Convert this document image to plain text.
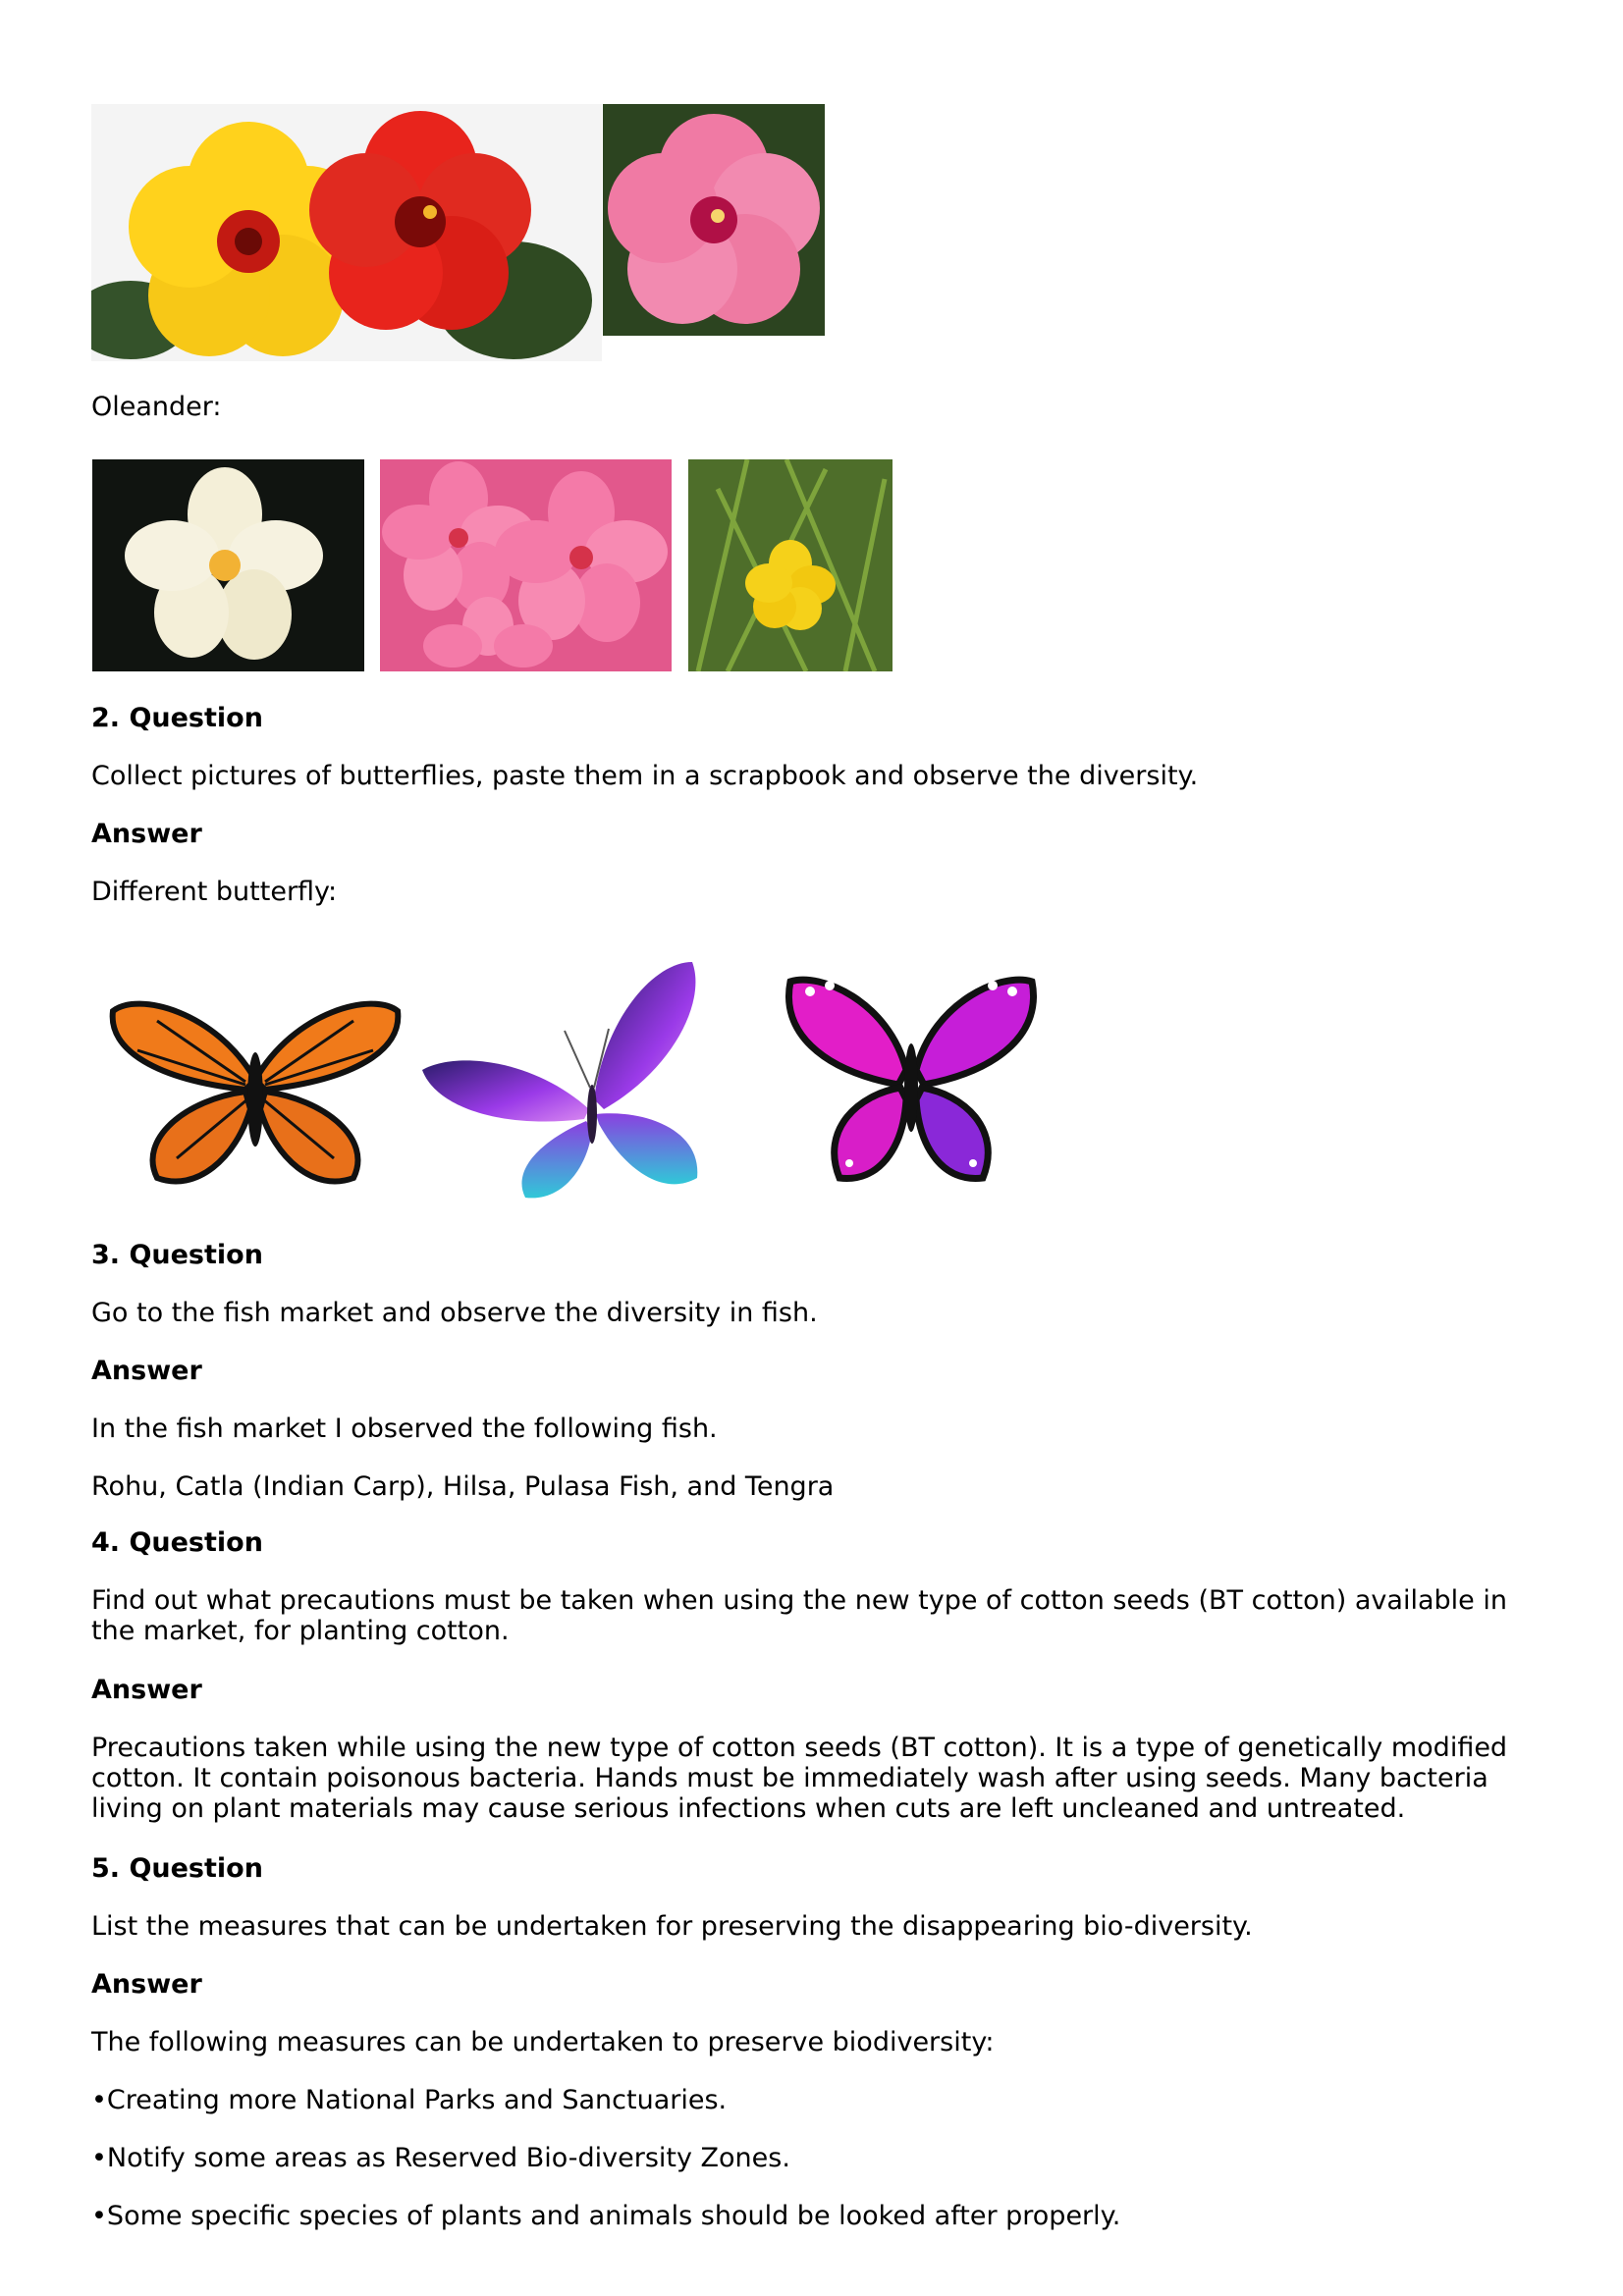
Oleander:
2. Question
Collect pictures of butterflies, paste them in a scrapbook and observe the diversity.
Answer
Different butterfly:
3. Question
Go to the fish market and observe the diversity in fish.
Answer
In the fish market I observed the following fish.
Rohu, Catla (Indian Carp), Hilsa, Pulasa Fish, and Tengra
4. Question
Find out what precautions must be taken when using the new type of cotton seeds (BT cotton) available in the market, for planting cotton.
Answer
Precautions taken while using the new type of cotton seeds (BT cotton). It is a type of genetically modified cotton. It contain poisonous bacteria. Hands must be immediately wash after using seeds. Many bacteria living on plant materials may cause serious infections when cuts are left uncleaned and untreated.
5. Question
List the measures that can be undertaken for preserving the disappearing bio-diversity.
Answer
The following measures can be undertaken to preserve biodiversity:
•Creating more National Parks and Sanctuaries.
•Notify some areas as Reserved Bio-diversity Zones.
•Some specific species of plants and animals should be looked after properly.
